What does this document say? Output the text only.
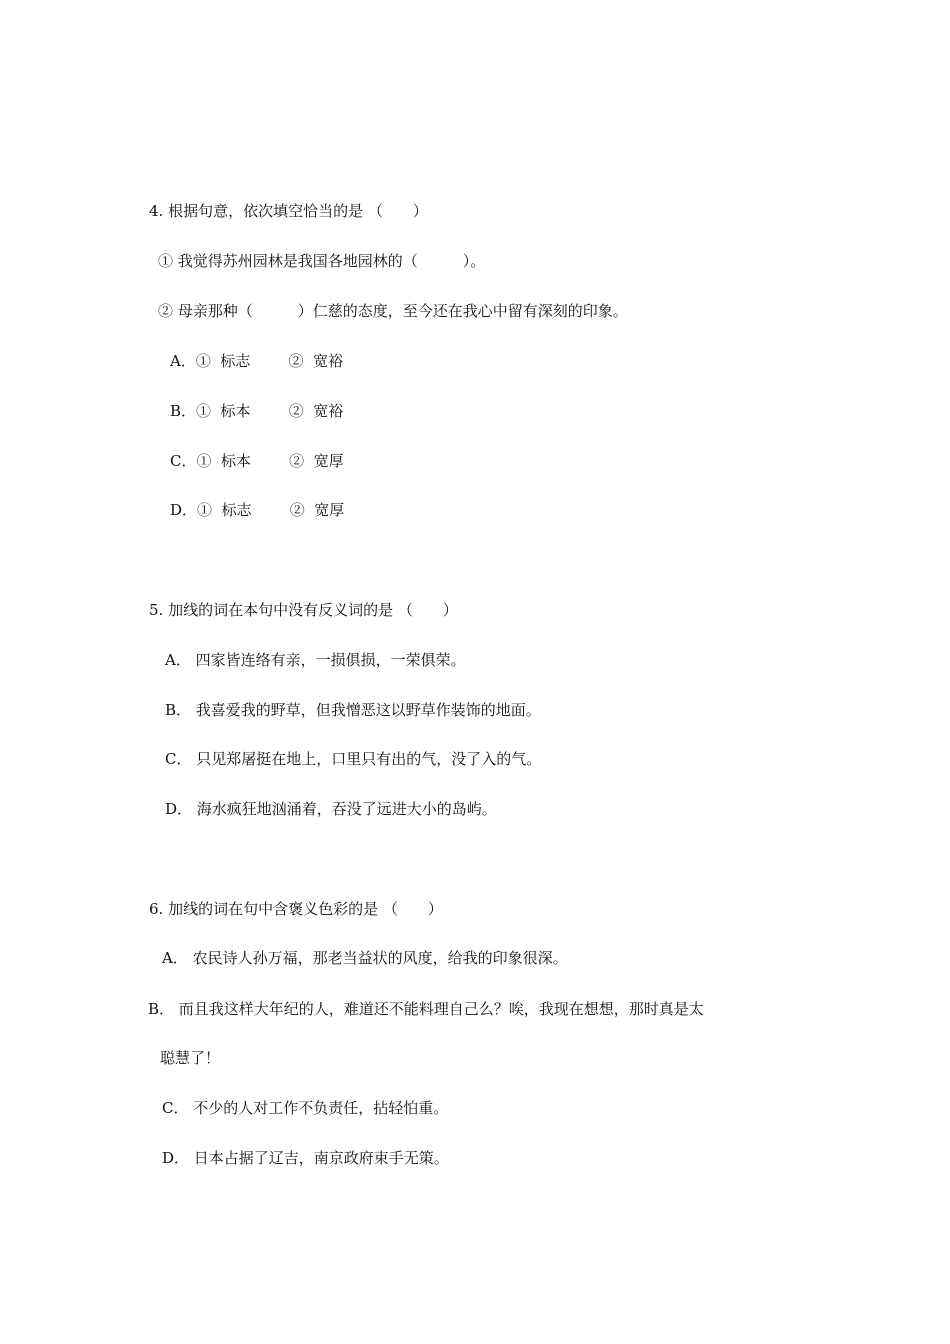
4. 根据句意，依次填空恰当的是 （　　）
① 我觉得苏州园林是我国各地园林的（　　　）。
② 母亲那种（　　　）仁慈的态度，至今还在我心中留有深刻的印象。
A．①  标志        ②  宽裕
B．①  标本        ②  宽裕
C．①  标本        ②  宽厚
D．①  标志        ②  宽厚
5. 加线的词在本句中没有反义词的是 （　　）
A． 四家皆连络有亲，一损俱损，一荣俱荣。
B． 我喜爱我的野草，但我憎恶这以野草作装饰的地面。
C． 只见郑屠挺在地上，口里只有出的气，没了入的气。
D． 海水疯狂地汹涌着，吞没了远进大小的岛屿。
6. 加线的词在句中含褒义色彩的是 （　　）
A． 农民诗人孙万福，那老当益状的风度，给我的印象很深。
B． 而且我这样大年纪的人，难道还不能料理自己么？唉，我现在想想，那时真是太
聪慧了！
C． 不少的人对工作不负责任，拈轻怕重。
D． 日本占据了辽吉，南京政府束手无策。
